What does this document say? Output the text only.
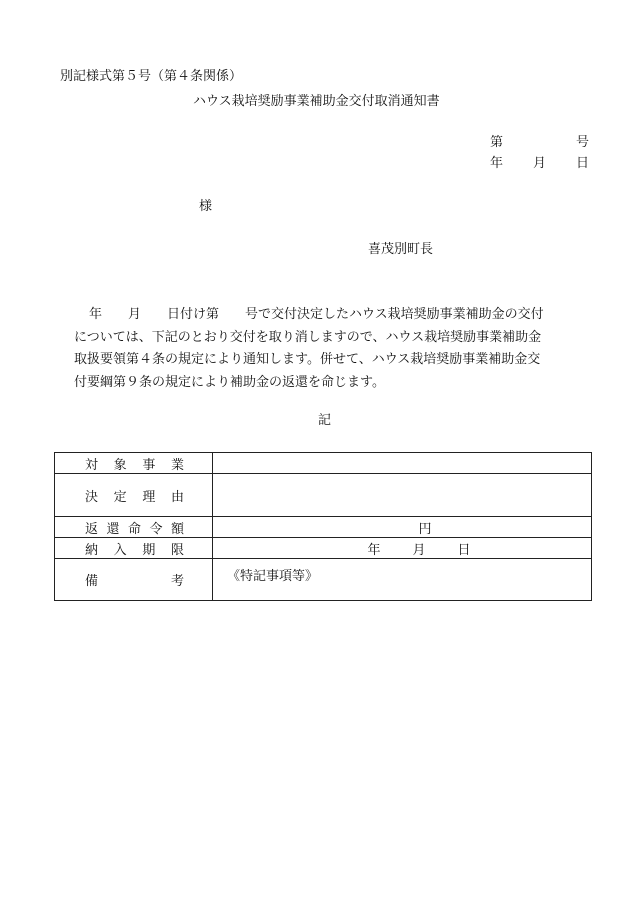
別記様式第５号（第４条関係）
ハウス栽培奨励事業補助金交付取消通知書
第	号
年 月 日
様
喜茂別町長
年　　月　　日付け第　　号で交付決定したハウス栽培奨励事業補助金の交付
については、下記のとおり交付を取り消しますので、ハウス栽培奨励事業補助金
取扱要領第４条の規定により通知します。併せて、ハウス栽培奨励事業補助金交
付要綱第９条の規定により補助金の返還を命じます。
記
対 象 事 業	

決 定 理 由	

返 還 命 令 額	円

納 入 期 限	年 月 日

備 考	《特記事項等》
